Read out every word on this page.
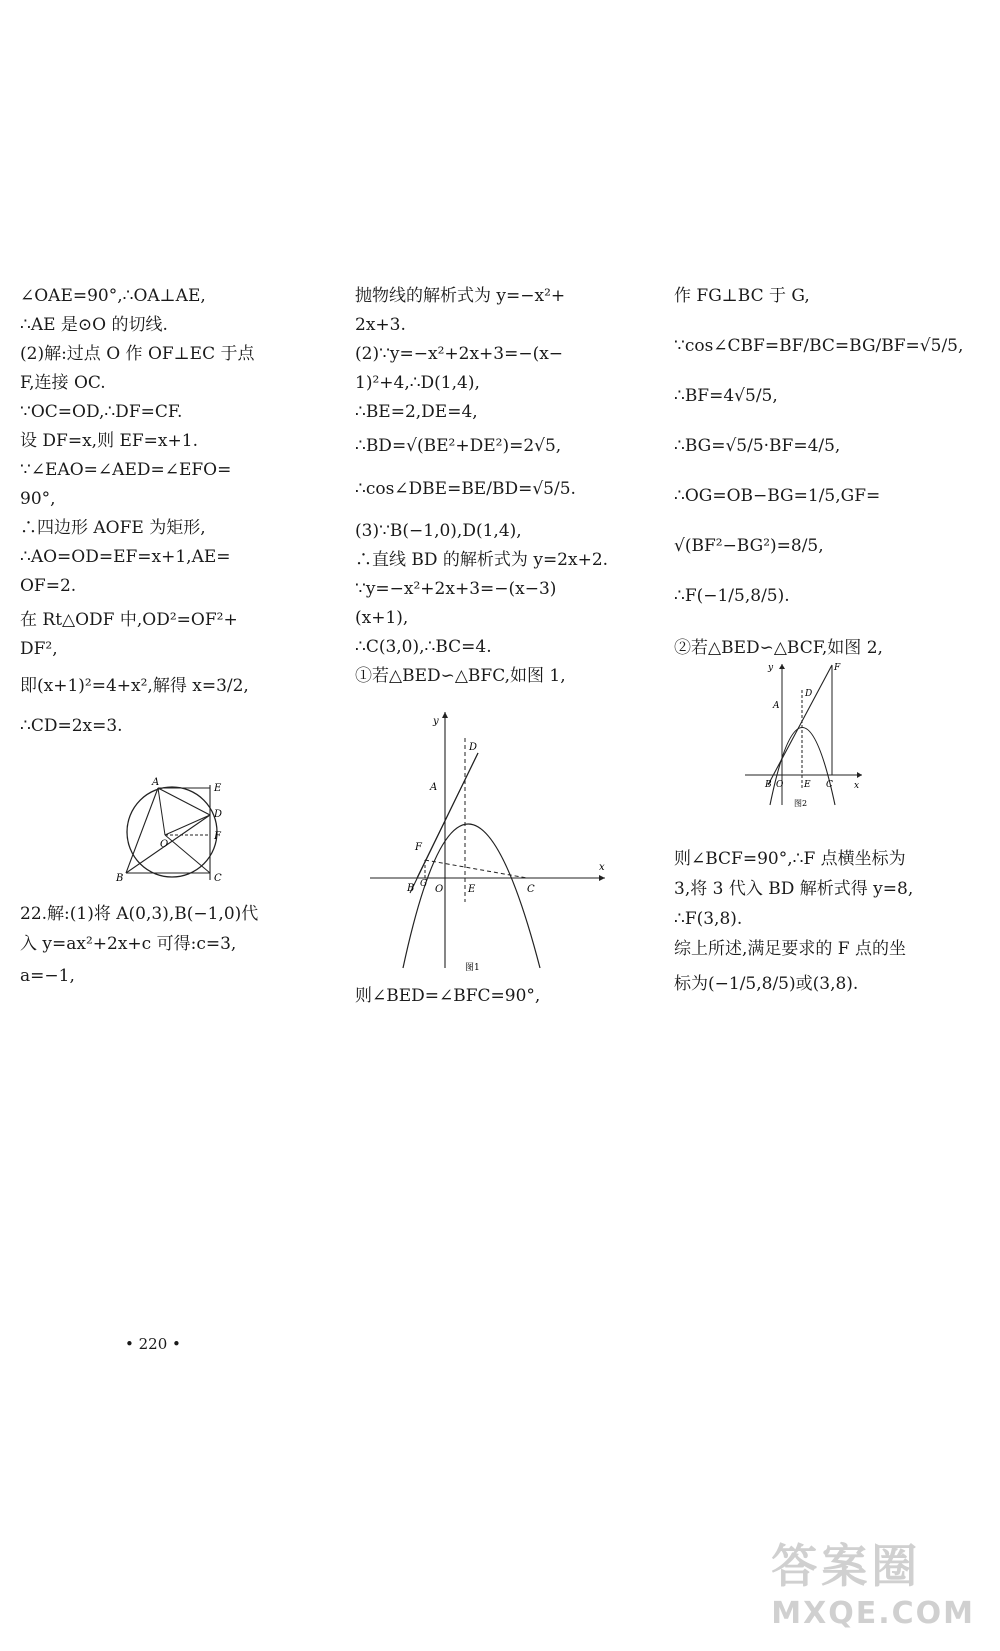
∠OAE=90°,∴OA⊥AE,
∴AE 是⊙O 的切线.
(2)解:过点 O 作 OF⊥EC 于点
F,连接 OC.
∵OC=OD,∴DF=CF.
设 DF=x,则 EF=x+1.
∵∠EAO=∠AED=∠EFO=
90°,
∴四边形 AOFE 为矩形,
∴AO=OD=EF=x+1,AE=
OF=2.
在 Rt△ODF 中,OD²=OF²+
DF²,
即(x+1)²=4+x²,解得 x=3/2,
∴CD=2x=3.
A
E
D
F
O
B	C
22.解:(1)将 A(0,3),B(−1,0)代
入 y=ax²+2x+c 可得:c=3,
a=−1,
抛物线的解析式为 y=−x²+
2x+3.
(2)∵y=−x²+2x+3=−(x−
1)²+4,∴D(1,4),
∴BE=2,DE=4,
∴BD=√(BE²+DE²)=2√5,
∴cos∠DBE=BE/BD=√5/5.
(3)∵B(−1,0),D(1,4),
∴直线 BD 的解析式为 y=2x+2.
∵y=−x²+2x+3=−(x−3)
(x+1),
∴C(3,0),∴BC=4.
①若△BED∽△BFC,如图 1,
y
x
D
A
F
B G O E	C
图1
则∠BED=∠BFC=90°,
作 FG⊥BC 于 G,
∵cos∠CBF=BF/BC=BG/BF=√5/5,
∴BF=4√5/5,
∴BG=√5/5·BF=4/5,
∴OG=OB−BG=1/5,GF=
√(BF²−BG²)=8/5,
∴F(−1/5,8/5).
②若△BED∽△BCF,如图 2,
y
x
F
D
A
B O E C
图2
则∠BCF=90°,∴F 点横坐标为
3,将 3 代入 BD 解析式得 y=8,
∴F(3,8).
综上所述,满足要求的 F 点的坐
标为(−1/5,8/5)或(3,8).
• 220 •
答案圈
MXQE.COM
